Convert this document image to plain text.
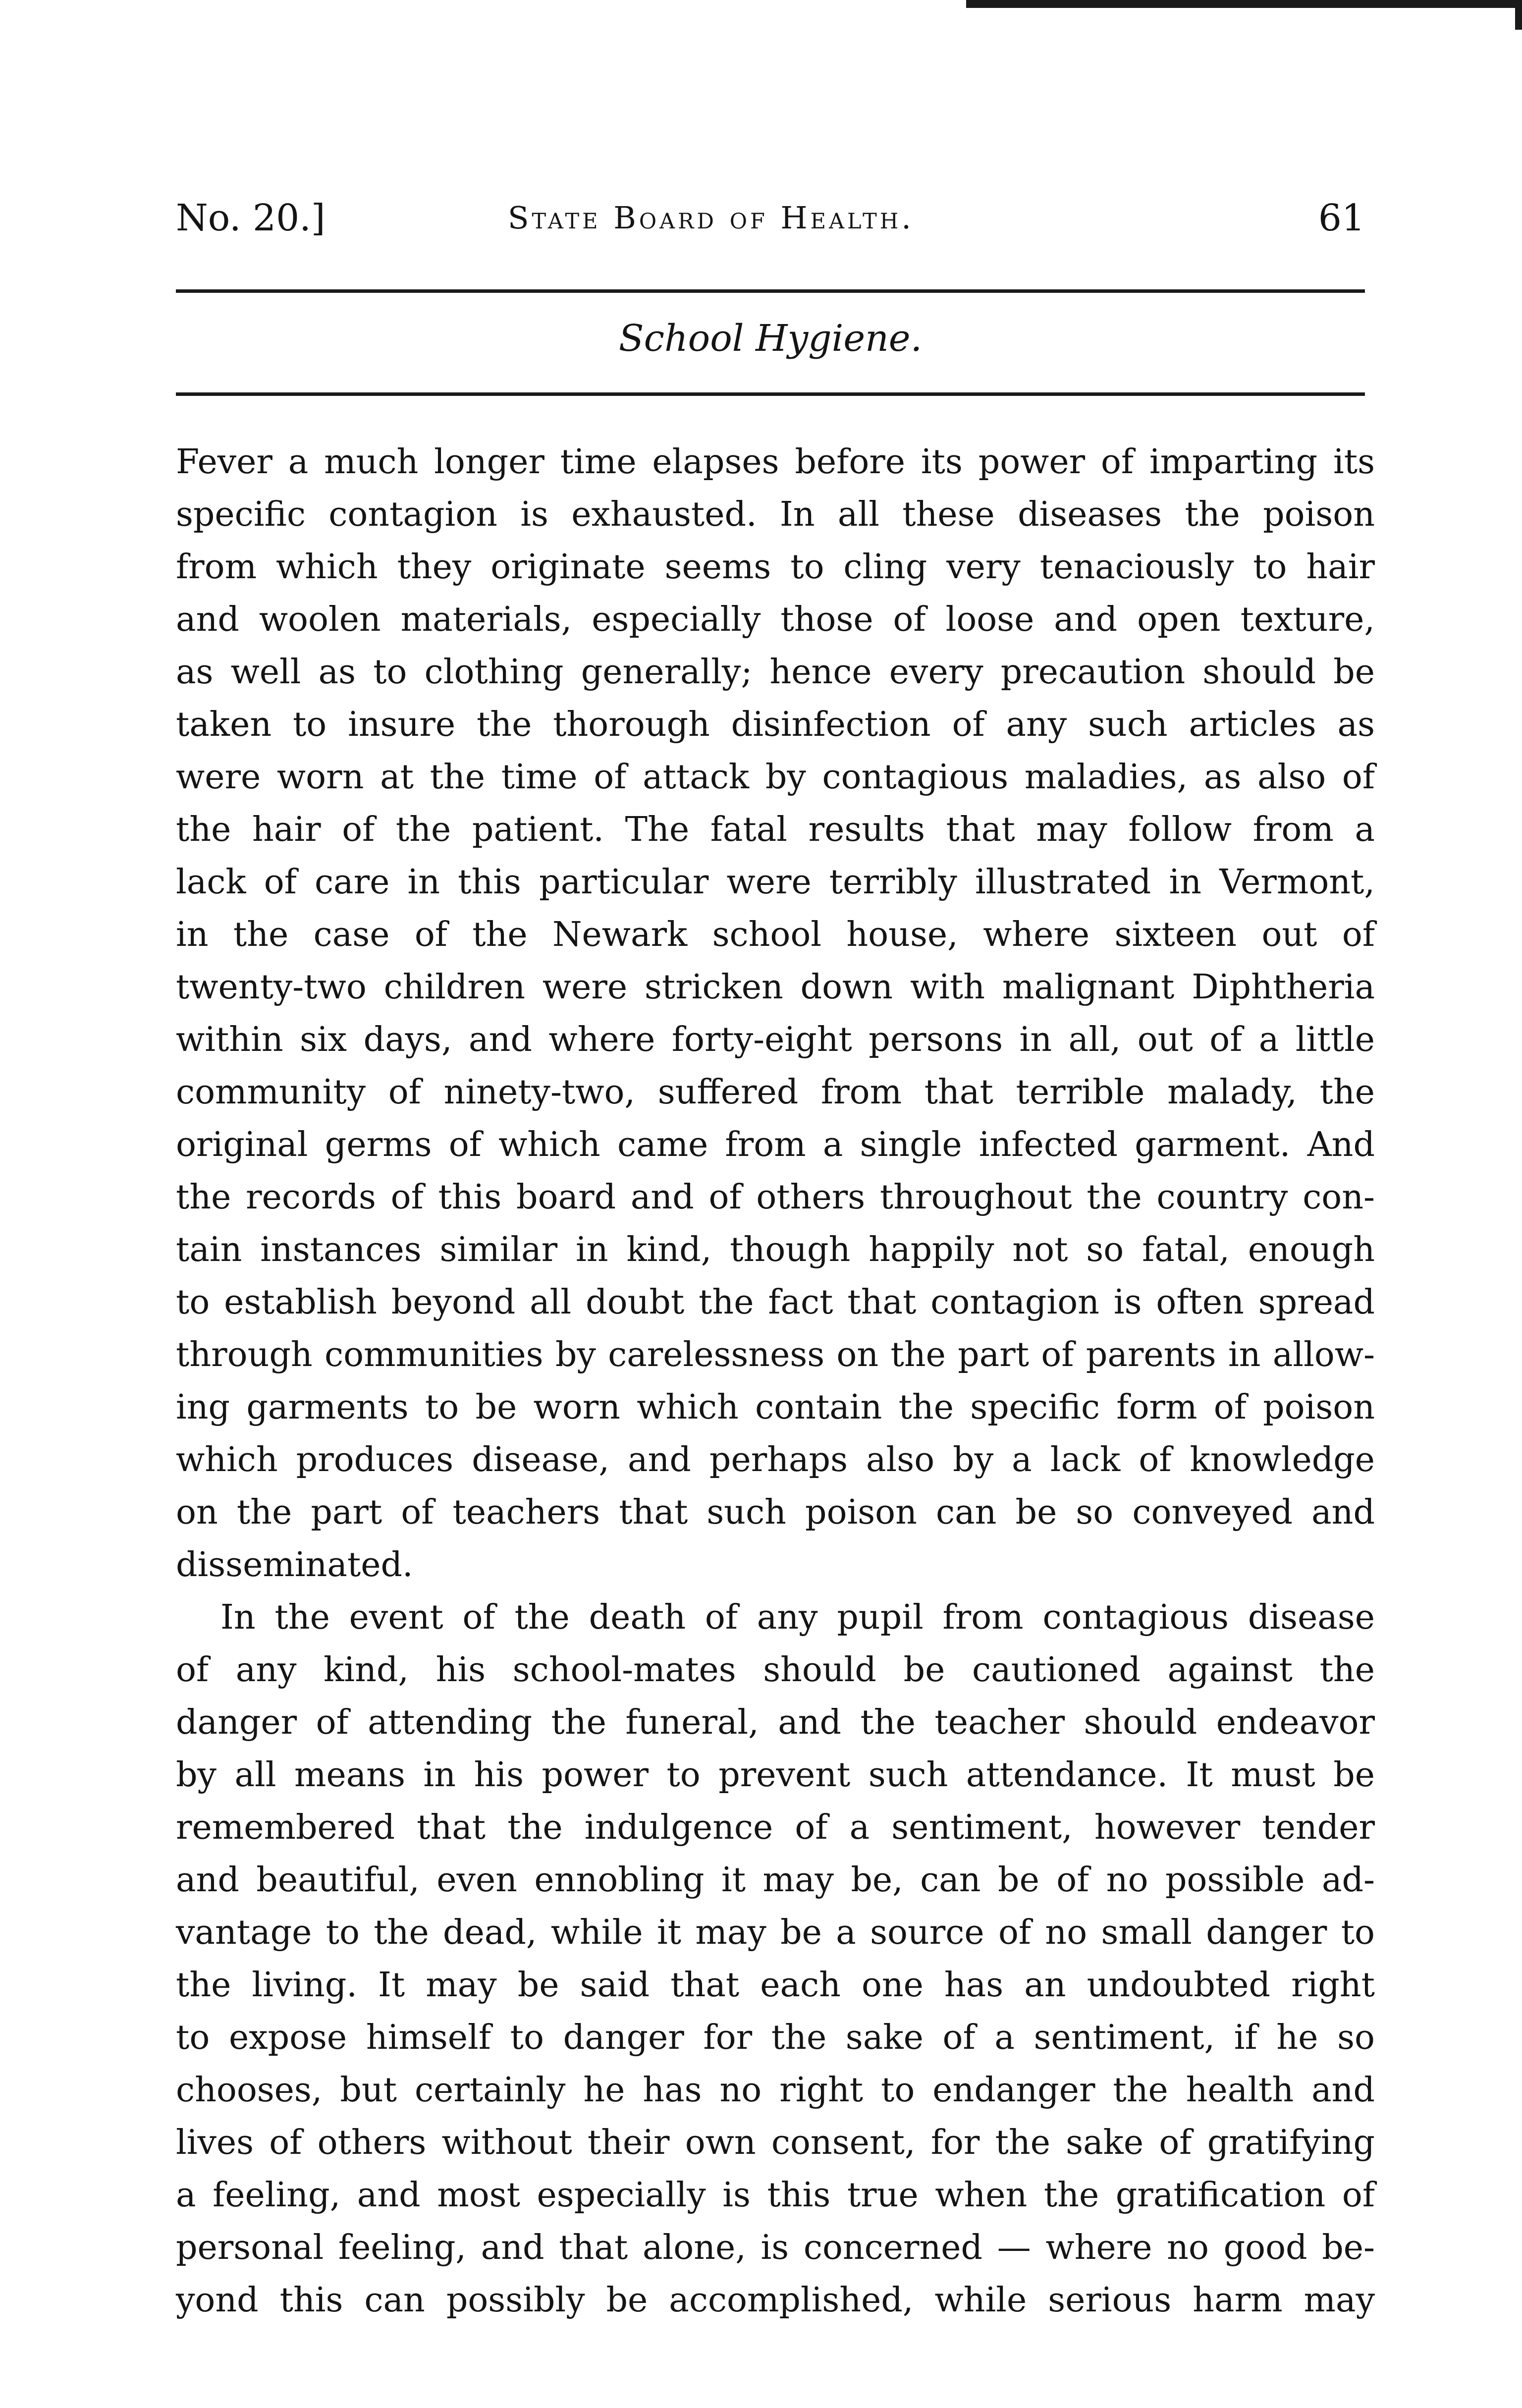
No. 20.]	State Board of Health.	61
School Hygiene.
Fever a much longer time elapses before its power of imparting its
specific contagion is exhausted. In all these diseases the poison
from which they originate seems to cling very tenaciously to hair
and woolen materials, especially those of loose and open texture,
as well as to clothing generally; hence every precaution should be
taken to insure the thorough disinfection of any such articles as
were worn at the time of attack by contagious maladies, as also of
the hair of the patient. The fatal results that may follow from a
lack of care in this particular were terribly illustrated in Vermont,
in the case of the Newark school house, where sixteen out of
twenty-two children were stricken down with malignant Diphtheria
within six days, and where forty-eight persons in all, out of a little
community of ninety-two, suffered from that terrible malady, the
original germs of which came from a single infected garment. And
the records of this board and of others throughout the country con-
tain instances similar in kind, though happily not so fatal, enough
to establish beyond all doubt the fact that contagion is often spread
through communities by carelessness on the part of parents in allow-
ing garments to be worn which contain the specific form of poison
which produces disease, and perhaps also by a lack of knowledge
on the part of teachers that such poison can be so conveyed and
disseminated.
In the event of the death of any pupil from contagious disease
of any kind, his school-mates should be cautioned against the
danger of attending the funeral, and the teacher should endeavor
by all means in his power to prevent such attendance. It must be
remembered that the indulgence of a sentiment, however tender
and beautiful, even ennobling it may be, can be of no possible ad-
vantage to the dead, while it may be a source of no small danger to
the living. It may be said that each one has an undoubted right
to expose himself to danger for the sake of a sentiment, if he so
chooses, but certainly he has no right to endanger the health and
lives of others without their own consent, for the sake of gratifying
a feeling, and most especially is this true when the gratification of
personal feeling, and that alone, is concerned — where no good be-
yond this can possibly be accomplished, while serious harm may
